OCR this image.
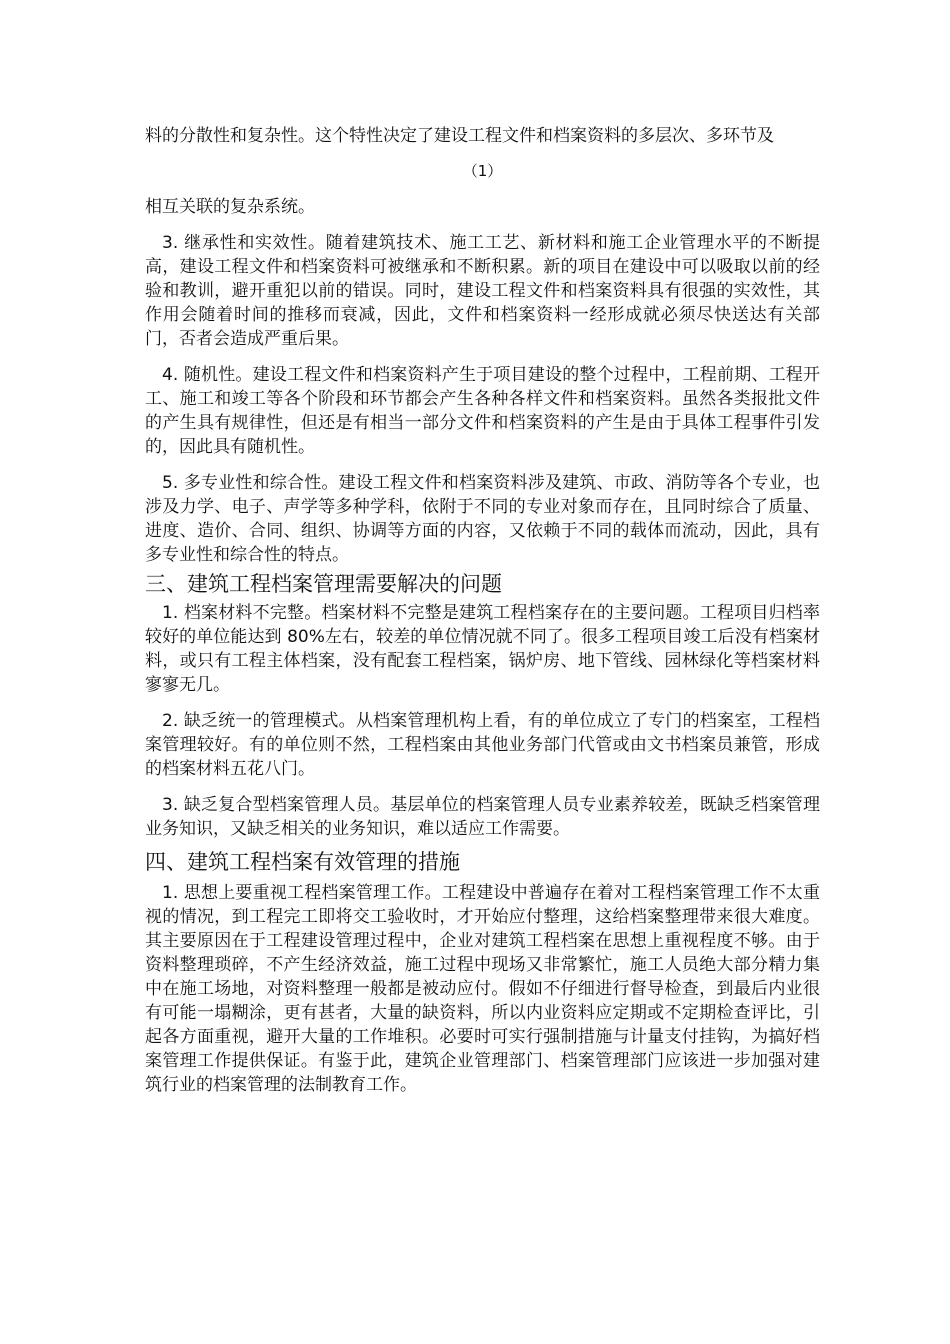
料的分散性和复杂性。这个特性决定了建设工程文件和档案资料的多层次、多环节及

（1）

相互关联的复杂系统。

3. 继承性和实效性。随着建筑技术、施工工艺、新材料和施工企业管理水平的不断提高，建设工程文件和档案资料可被继承和不断积累。新的项目在建设中可以吸取以前的经验和教训，避开重犯以前的错误。同时，建设工程文件和档案资料具有很强的实效性，其作用会随着时间的推移而衰减，因此，文件和档案资料一经形成就必须尽快送达有关部门，否者会造成严重后果。

4. 随机性。建设工程文件和档案资料产生于项目建设的整个过程中，工程前期、工程开工、施工和竣工等各个阶段和环节都会产生各种各样文件和档案资料。虽然各类报批文件的产生具有规律性，但还是有相当一部分文件和档案资料的产生是由于具体工程事件引发的，因此具有随机性。

5. 多专业性和综合性。建设工程文件和档案资料涉及建筑、市政、消防等各个专业，也涉及力学、电子、声学等多种学科，依附于不同的专业对象而存在，且同时综合了质量、进度、造价、合同、组织、协调等方面的内容，又依赖于不同的载体而流动，因此，具有多专业性和综合性的特点。

三、建筑工程档案管理需要解决的问题

1. 档案材料不完整。档案材料不完整是建筑工程档案存在的主要问题。工程项目归档率较好的单位能达到 80%左右，较差的单位情况就不同了。很多工程项目竣工后没有档案材料，或只有工程主体档案，没有配套工程档案，锅炉房、地下管线、园林绿化等档案材料寥寥无几。

2. 缺乏统一的管理模式。从档案管理机构上看，有的单位成立了专门的档案室，工程档案管理较好。有的单位则不然，工程档案由其他业务部门代管或由文书档案员兼管，形成的档案材料五花八门。

3. 缺乏复合型档案管理人员。基层单位的档案管理人员专业素养较差，既缺乏档案管理业务知识，又缺乏相关的业务知识，难以适应工作需要。

四、建筑工程档案有效管理的措施

1. 思想上要重视工程档案管理工作。工程建设中普遍存在着对工程档案管理工作不太重视的情况，到工程完工即将交工验收时，才开始应付整理，这给档案整理带来很大难度。其主要原因在于工程建设管理过程中，企业对建筑工程档案在思想上重视程度不够。由于资料整理琐碎，不产生经济效益，施工过程中现场又非常繁忙，施工人员绝大部分精力集中在施工场地，对资料整理一般都是被动应付。假如不仔细进行督导检查，到最后内业很有可能一塌糊涂，更有甚者，大量的缺资料，所以内业资料应定期或不定期检查评比，引起各方面重视，避开大量的工作堆积。必要时可实行强制措施与计量支付挂钩，为搞好档案管理工作提供保证。有鉴于此，建筑企业管理部门、档案管理部门应该进一步加强对建筑行业的档案管理的法制教育工作。
